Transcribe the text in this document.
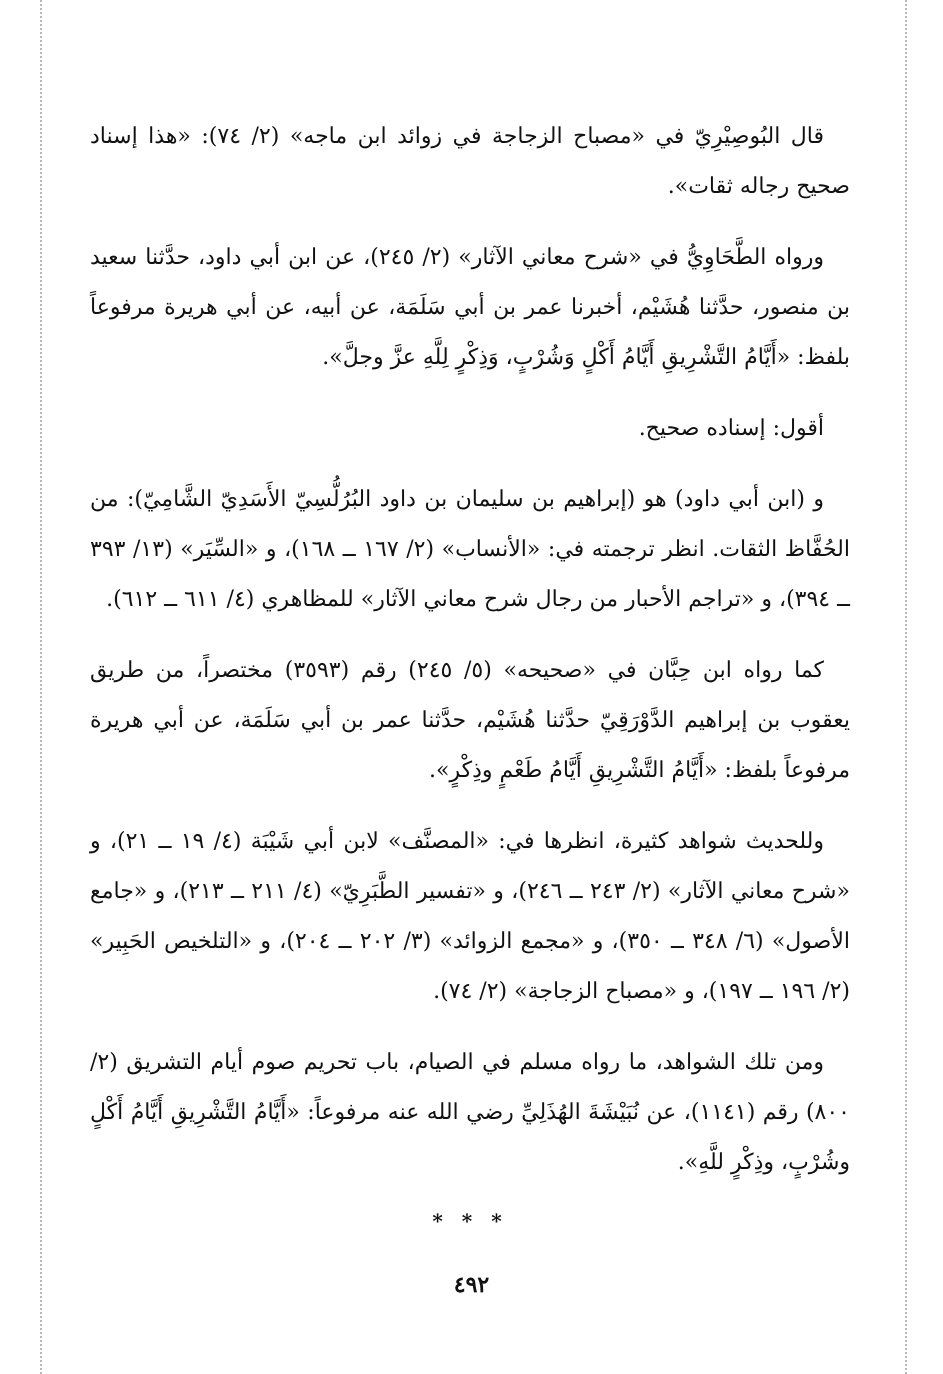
قال البُوصِيْرِيّ في «مصباح الزجاجة في زوائد ابن ماجه» (٢/ ٧٤): «هذا إسناد صحيح رجاله ثقات».

ورواه الطَّحَاوِيُّ في «شرح معاني الآثار» (٢/ ٢٤٥)، عن ابن أبي داود، حدَّثنا سعيد بن منصور، حدَّثنا هُشَيْم، أخبرنا عمر بن أبي سَلَمَة، عن أبيه، عن أبي هريرة مرفوعاً بلفظ: «أَيَّامُ التَّشْرِيقِ أَيَّامُ أَكْلٍ وَشُرْبٍ، وَذِكْرٍ لِلَّهِ عزَّ وجلَّ».

أقول: إسناده صحيح.

و (ابن أبي داود) هو (إبراهيم بن سليمان بن داود البُرُلُّسِيّ الأَسَدِيّ الشَّامِيّ): من الحُفَّاظ الثقات. انظر ترجمته في: «الأنساب» (٢/ ١٦٧ ــ ١٦٨)، و «السِّيَر» (١٣/ ٣٩٣ ــ ٣٩٤)، و «تراجم الأحبار من رجال شرح معاني الآثار» للمظاهري (٤/ ٦١١ ــ ٦١٢).

كما رواه ابن حِبَّان في «صحيحه» (٥/ ٢٤٥) رقم (٣٥٩٣) مختصراً، من طريق يعقوب بن إبراهيم الدَّوْرَقِيّ حدَّثنا هُشَيْم، حدَّثنا عمر بن أبي سَلَمَة، عن أبي هريرة مرفوعاً بلفظ: «أَيَّامُ التَّشْرِيقِ أَيَّامُ طَعْمٍ وذِكْرٍ».

وللحديث شواهد كثيرة، انظرها في: «المصنَّف» لابن أبي شَيْبَة (٤/ ١٩ ــ ٢١)، و «شرح معاني الآثار» (٢/ ٢٤٣ ــ ٢٤٦)، و «تفسير الطَّبَرِيّ» (٤/ ٢١١ ــ ٢١٣)، و «جامع الأصول» (٦/ ٣٤٨ ــ ٣٥٠)، و «مجمع الزوائد» (٣/ ٢٠٢ ــ ٢٠٤)، و «التلخيص الحَبِير» (٢/ ١٩٦ ــ ١٩٧)، و «مصباح الزجاجة» (٢/ ٧٤).

ومن تلك الشواهد، ما رواه مسلم في الصيام، باب تحريم صوم أيام التشريق (٢/ ٨٠٠) رقم (١١٤١)، عن نُبَيْشَةَ الهُذَلِيِّ رضي الله عنه مرفوعاً: «أَيَّامُ التَّشْرِيقِ أَيَّامُ أَكْلٍ وشُرْبٍ، وذِكْرٍ للَّهِ».

* * *
٤٩٢
